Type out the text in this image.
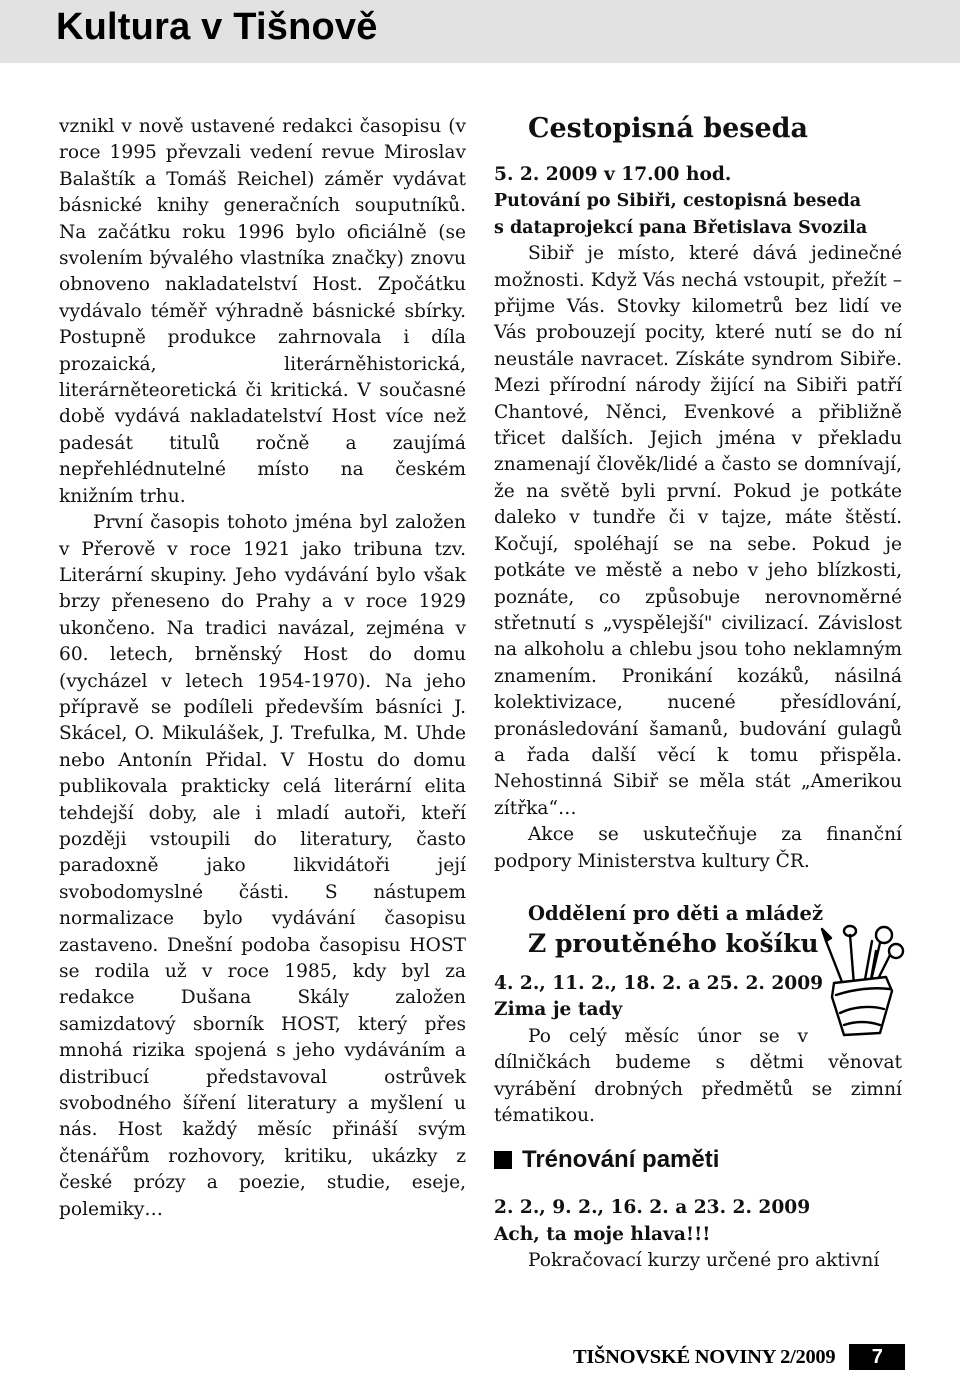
Kultura v Tišnově

vznikl v nově ustavené redakci časopisu (v roce 1995 převzali vedení revue Miroslav Balaštík a Tomáš Reichel) záměr vydávat básnické knihy generačních souputníků. Na začátku roku 1996 bylo oficiálně (se svolením bývalého vlastníka značky) znovu obnoveno nakladatelství Host. Zpočátku vydávalo téměř výhradně básnické sbírky. Postupně produkce zahrnovala i díla prozaická, literárněhistorická, literárněteoretická či kritická. V současné době vydává nakladatelství Host více než padesát titulů ročně a zaujímá nepřehlédnutelné místo na českém knižním trhu.

První časopis tohoto jména byl založen v Přerově v roce 1921 jako tribuna tzv. Literární skupiny. Jeho vydávání bylo však brzy přeneseno do Prahy a v roce 1929 ukončeno. Na tradici navázal, zejména v 60. letech, brněnský Host do domu (vycházel v letech 1954-1970). Na jeho přípravě se podíleli především básníci J. Skácel, O. Mikulášek, J. Trefulka, M. Uhde nebo Antonín Přidal. V Hostu do domu publikovala prakticky celá literární elita tehdejší doby, ale i mladí autoři, kteří později vstoupili do literatury, často paradoxně jako likvidátoři její svobodomyslné části. S nástupem normalizace bylo vydávání časopisu zastaveno. Dnešní podoba časopisu HOST se rodila už v roce 1985, kdy byl za redakce Dušana Skály založen samizdatový sborník HOST, který přes mnohá rizika spojená s jeho vydáváním a distribucí představoval ostrůvek svobodného šíření literatury a myšlení u nás. Host každý měsíc přináší svým čtenářům rozhovory, kritiku, ukázky z české prózy a poezie, studie, eseje, polemiky…

Cestopisná beseda

5. 2. 2009 v 17.00 hod.

Putování po Sibiři, cestopisná beseda

s dataprojekcí pana Břetislava Svozila

Sibiř je místo, které dává jedinečné možnosti. Když Vás nechá vstoupit, přežít – přijme Vás. Stovky kilometrů bez lidí ve Vás probouzejí pocity, které nutí se do ní neustále navracet. Získáte syndrom Sibiře. Mezi přírodní národy žijící na Sibiři patří Chantové, Něnci, Evenkové a přibližně třicet dalších. Jejich jména v překladu znamenají člověk/lidé a často se domnívají, že na světě byli první. Pokud je potkáte daleko v tundře či v tajze, máte štěstí. Kočují, spoléhají se na sebe. Pokud je potkáte ve městě a nebo v jeho blízkosti, poznáte, co způsobuje nerovnoměrné střetnutí s „vyspělejší" civilizací. Závislost na alkoholu a chlebu jsou toho neklamným znamením. Pronikání kozáků, násilná kolektivizace, nucené přesídlování, pronásledování šamanů, budování gulagů a řada další věcí k tomu přispěla. Nehostinná Sibiř se měla stát „Amerikou zítřka“…

Akce se uskutečňuje za finanční podpory Ministerstva kultury ČR.

Oddělení pro děti a mládež
Z proutěného košíku

4. 2., 11. 2., 18. 2. a 25. 2. 2009

Zima je tady

Po celý měsíc únor se v dílničkách budeme s dětmi věnovat vyrábění drobných předmětů se zimní tématikou.

Trénování paměti

2. 2., 9. 2., 16. 2. a 23. 2. 2009

Ach, ta moje hlava!!!

Pokračovací kurzy určené pro aktivní

TIŠNOVSKÉ NOVINY 2/2009	7
